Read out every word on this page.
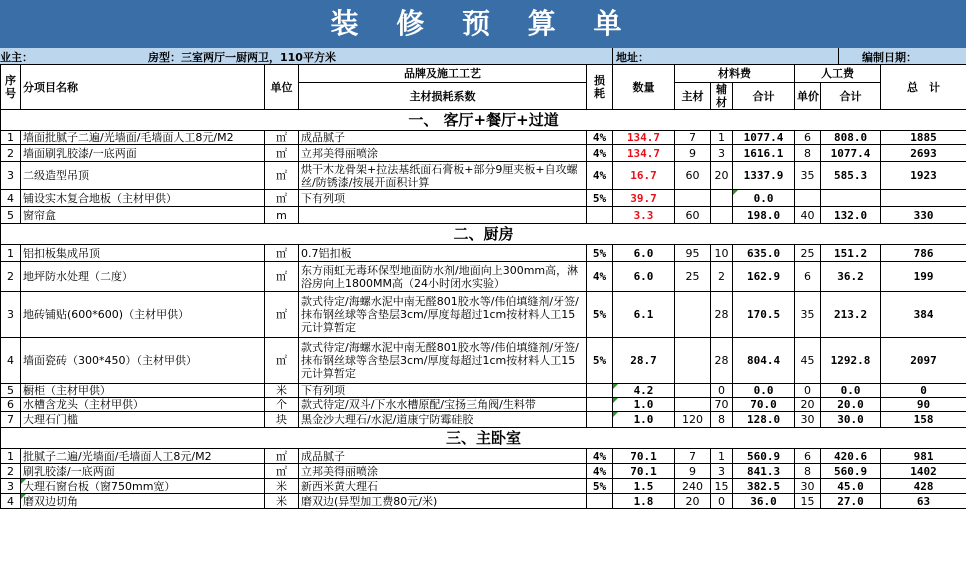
装 修 预 算 单
业主：	房型：三室两厅一厨两卫，110平方米	地址：	编制日期：
序号	分项目名称	单位	品牌及施工工艺	损耗	数量	材料费			人工费		总　计
			主材损耗系数			主材	辅材	合计	单价	合计	
一、 客厅+餐厅+过道											
1	墙面批腻子二遍/光墙面/毛墙面人工8元/M2	㎡	成品腻子	4%	134.7	7	1	1077.4	6	808.0	1885
2	墙面刷乳胶漆/一底两面	㎡	立邦美得丽喷涂	4%	134.7	9	3	1616.1	8	1077.4	2693
3	二级造型吊顶	㎡	烘干木龙骨架+拉法基纸面石膏板+部分9厘夹板+自攻螺丝/防锈漆/按展开面积计算	4%	16.7	60	20	1337.9	35	585.3	1923
4	铺设实木复合地板（主材甲供）	㎡	下有列项	5%	39.7			0.0			
5	窗帘盒	m			3.3	60		198.0	40	132.0	330
二、厨房											
1	铝扣板集成吊顶	㎡	0.7铝扣板	5%	6.0	95	10	635.0	25	151.2	786
2	地坪防水处理（二度）	㎡	东方雨虹无毒环保型地面防水剂/地面向上300mm高，淋浴房向上1800MM高（24小时闭水实验）	4%	6.0	25	2	162.9	6	36.2	199
3	地砖铺贴(600*600)（主材甲供）	㎡	款式待定/海螺水泥中南无醛801胶水等/伟伯填缝剂/牙签/抹布钢丝球等含垫层3cm/厚度每超过1cm按材料人工15元计算暂定	5%	6.1		28	170.5	35	213.2	384
4	墙面瓷砖（300*450）（主材甲供）	㎡	款式待定/海螺水泥中南无醛801胶水等/伟伯填缝剂/牙签/抹布钢丝球等含垫层3cm/厚度每超过1cm按材料人工15元计算暂定	5%	28.7		28	804.4	45	1292.8	2097
5	橱柜（主材甲供）	米	下有列项		4.2		0	0.0	0	0.0	0
6	水槽含龙头（主材甲供）	个	款式待定/双斗/下水水槽原配/宝扬三角阀/生料带		1.0		70	70.0	20	20.0	90
7	大理石门槛	块	黑金沙大理石/水泥/道康宁防霉硅胶		1.0	120	8	128.0	30	30.0	158
三、主卧室											
1	批腻子二遍/光墙面/毛墙面人工8元/M2	㎡	成品腻子	4%	70.1	7	1	560.9	6	420.6	981
2	刷乳胶漆/一底两面	㎡	立邦美得丽喷涂	4%	70.1	9	3	841.3	8	560.9	1402
3	大理石窗台板（窗750mm宽）	米	新西米黄大理石	5%	1.5	240	15	382.5	30	45.0	428
4	磨双边切角	米	磨双边(异型加工费80元/米)		1.8	20	0	36.0	15	27.0	63
